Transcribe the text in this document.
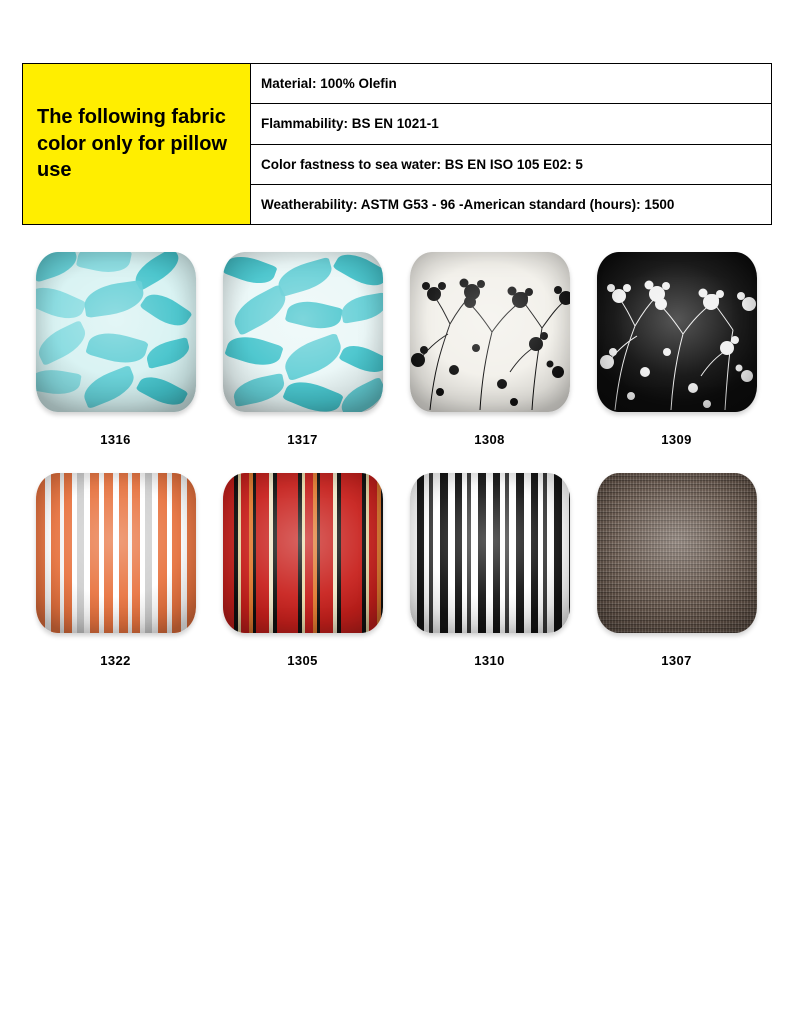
The following fabric color only for pillow use
Material: 100% Olefin
Flammability: BS EN 1021-1
Color fastness to sea water: BS EN ISO 105 E02: 5
Weatherability: ASTM G53 - 96 -American standard (hours): 1500
1316	1317	1308	1309
1322	1305	1310	1307
